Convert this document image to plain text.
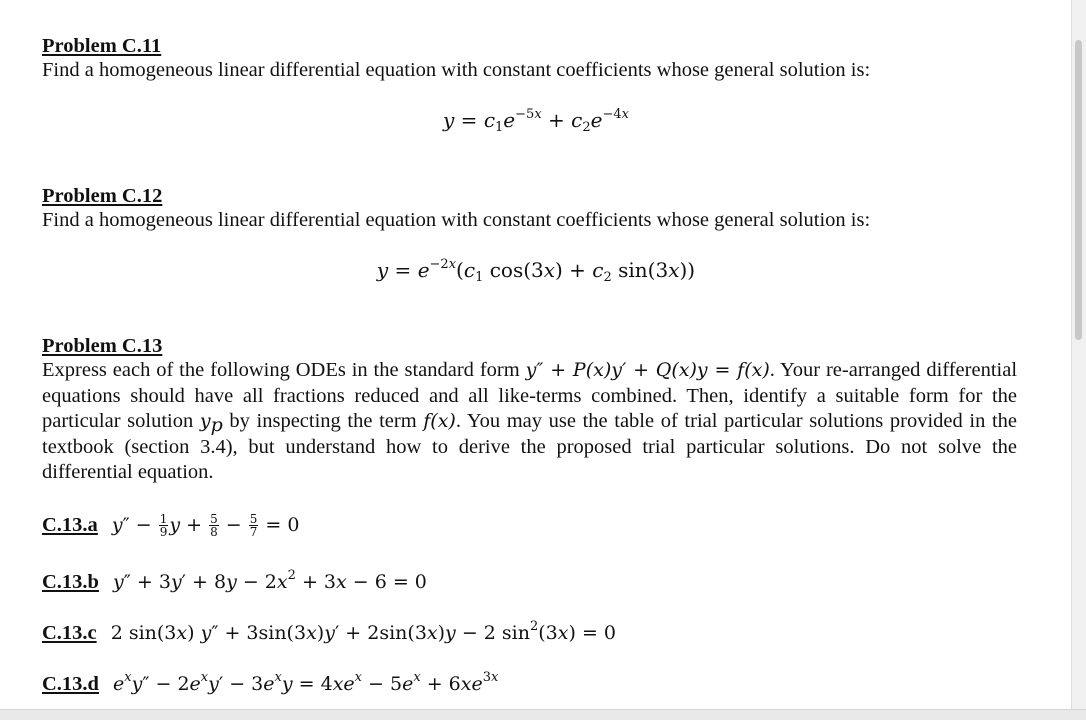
Problem C.11
Find a homogeneous linear differential equation with constant coefficients whose general solution is:
$y = c_1e^{-5x} + c_2e^{-4x}$
Problem C.12
Find a homogeneous linear differential equation with constant coefficients whose general solution is:
$y = e^{-2x}(c_1$ $\cos(3x) + c_2$ sin(3x))
Problem C.13
Express each of the following ODEs in the standard form y″ + P(x)y′ + Q(x)y = f(x). Your re-arranged differential equations should have all fractions reduced and all like-terms combined. Then, identify a suitable form for the particular solution $y_p$ by inspecting the term f(x). You may use the table of trial particular solutions provided in the textbook (section 3.4), but understand how to derive the proposed trial particular solutions. Do not solve the differential equation.
C.13.a $y'' - \frac{1}{9}$ $y + \frac{5}{8} - \frac{5}{7} = 0$
C.13.b $y'' + 3y' + 8y - 2x^2 + 3x - 6 = 0$
C.13.c 2 sin(3x) y″ + 3sin(3x)y′ + 2sin(3x)y − 2 $\sin^2(3x) = 0$
C.13.d $e^xy'' - 2e^xy' - 3e^xy = 4xe^x - 5e^x + 6xe^{3x}$
